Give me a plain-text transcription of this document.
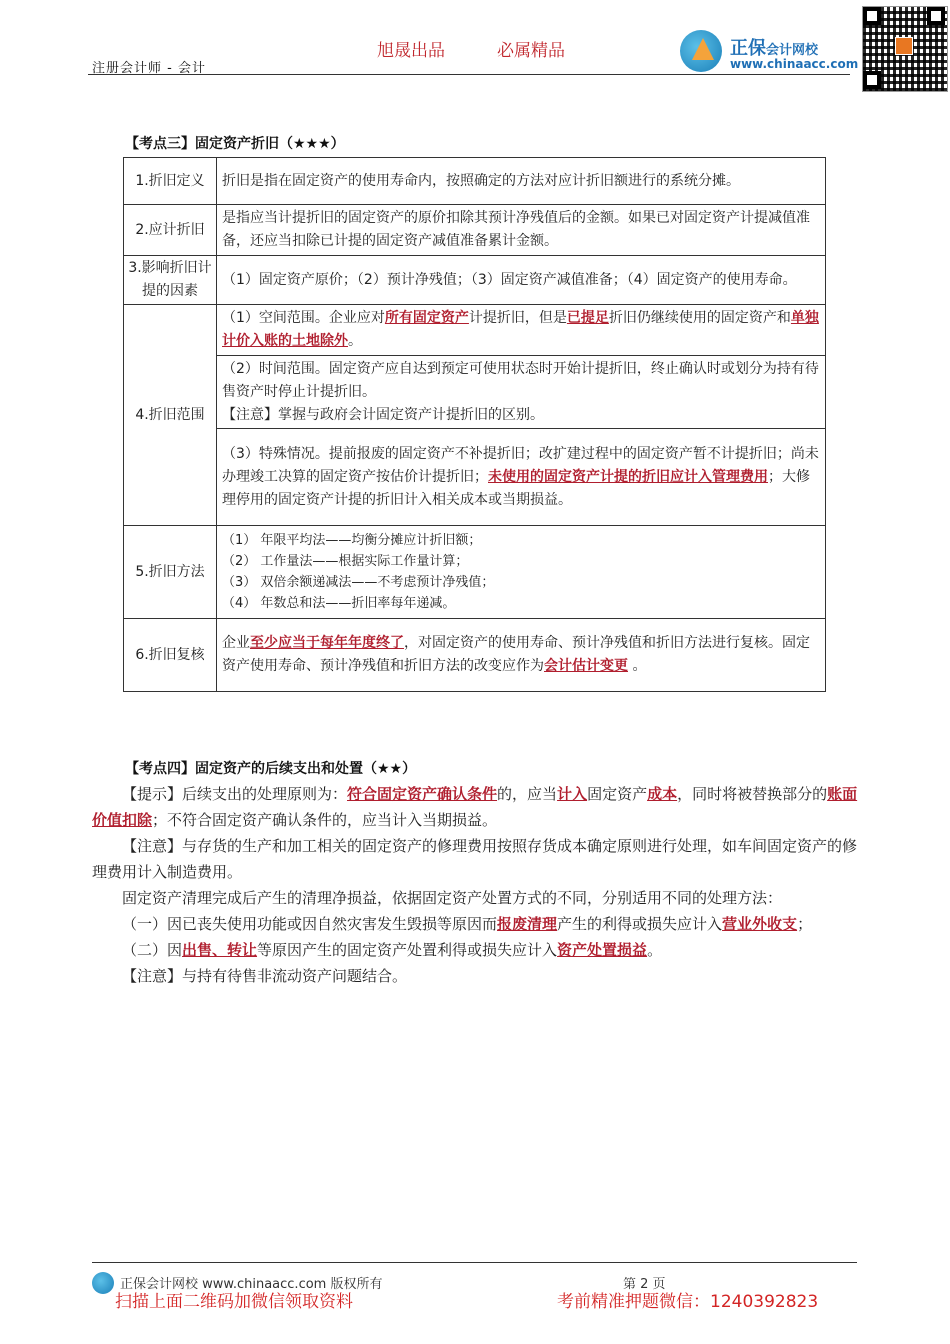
旭晟出品	必属精品
注册会计师 - 会计
正保会计网校
www.chinaacc.com
【考点三】固定资产折旧（★★★）
1.折旧定义	折旧是指在固定资产的使用寿命内，按照确定的方法对应计折旧额进行的系统分摊。
2.应计折旧	是指应当计提折旧的固定资产的原价扣除其预计净残值后的金额。如果已对固定资产计提减值准备，还应当扣除已计提的固定资产减值准备累计金额。
3.影响折旧计提的因素	（1）固定资产原价；（2）预计净残值；（3）固定资产减值准备；（4）固定资产的使用寿命。
4.折旧范围	（1）空间范围。企业应对所有固定资产计提折旧，但是已提足折旧仍继续使用的固定资产和单独计价入账的土地除外。
	（2）时间范围。固定资产应自达到预定可使用状态时开始计提折旧，终止确认时或划分为持有待售资产时停止计提折旧。
【注意】掌握与政府会计固定资产计提折旧的区别。
	（3）特殊情况。提前报废的固定资产不补提折旧；改扩建过程中的固定资产暂不计提折旧；尚未办理竣工决算的固定资产按估价计提折旧；未使用的固定资产计提的折旧应计入管理费用；大修理停用的固定资产计提的折旧计入相关成本或当期损益。
5.折旧方法	（1） 年限平均法——均衡分摊应计折旧额；
（2） 工作量法——根据实际工作量计算；
（3） 双倍余额递减法——不考虑预计净残值；
（4） 年数总和法——折旧率每年递减。

6.折旧复核	企业至少应当于每年年度终了，对固定资产的使用寿命、预计净残值和折旧方法进行复核。固定资产使用寿命、预计净残值和折旧方法的改变应作为会计估计变更 。
【考点四】固定资产的后续支出和处置（★★）

【提示】后续支出的处理原则为：符合固定资产确认条件的，应当计入固定资产成本，同时将被替换部分的账面价值扣除；不符合固定资产确认条件的，应当计入当期损益。

【注意】与存货的生产和加工相关的固定资产的修理费用按照存货成本确定原则进行处理，如车间固定资产的修理费用计入制造费用。

固定资产清理完成后产生的清理净损益，依据固定资产处置方式的不同，分别适用不同的处理方法：

（一）因已丧失使用功能或因自然灾害发生毁损等原因而报废清理产生的利得或损失应计入营业外收支；

（二）因出售、转让等原因产生的固定资产处置利得或损失应计入资产处置损益。

【注意】与持有待售非流动资产问题结合。

正保会计网校 www.chinaacc.com 版权所有	第 2 页
扫描上面二维码加微信领取资料	考前精准押题微信：1240392823
